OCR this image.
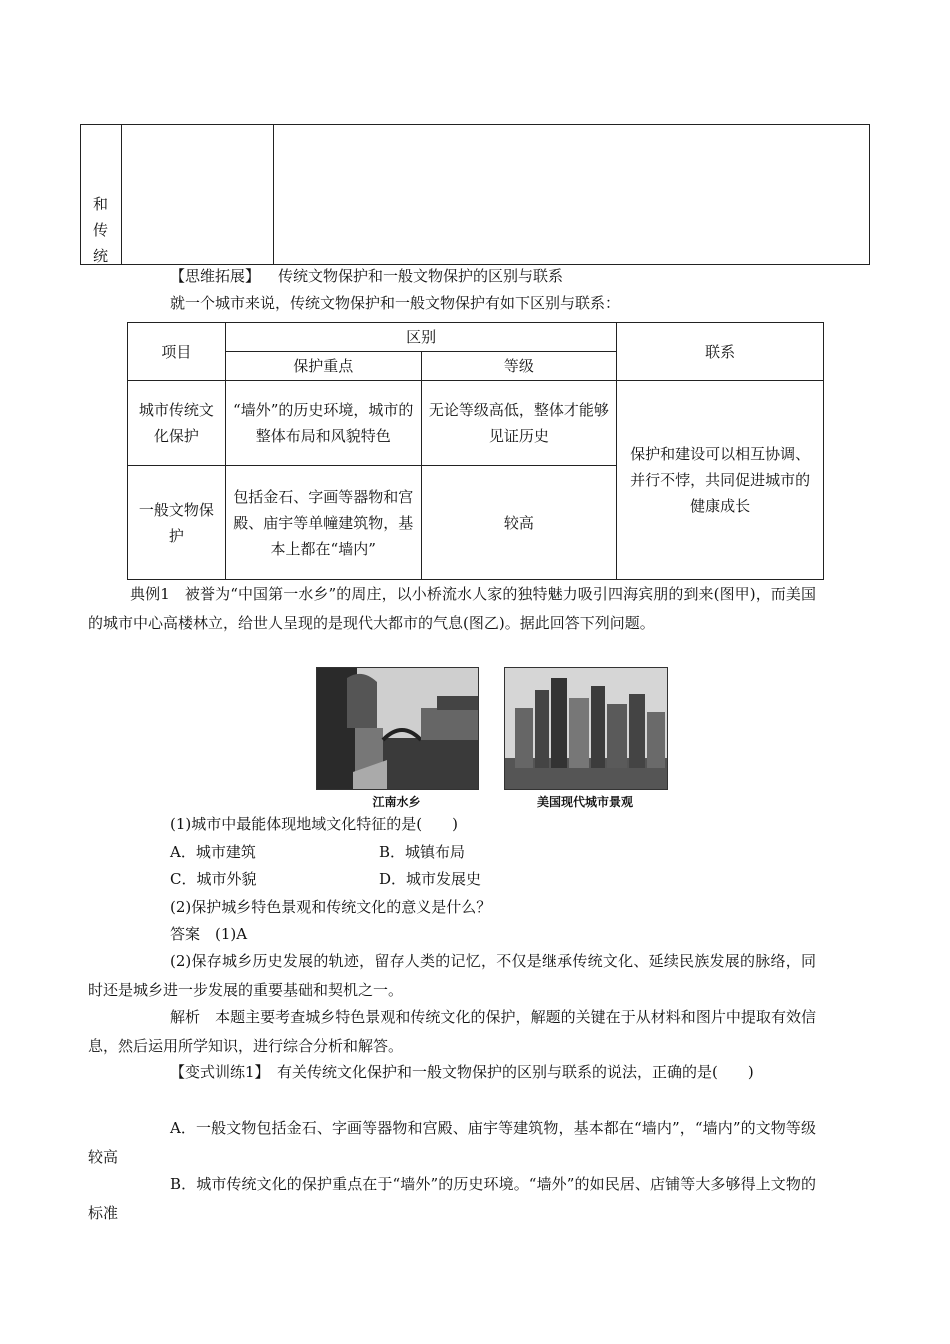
和
传
统
【思维拓展】 传统文物保护和一般文物保护的区别与联系
就一个城市来说，传统文物保护和一般文物保护有如下区别与联系：
项目	区别		联系
	保护重点	等级	
城市传统文化保护	“墙外”的历史环境，城市的整体布局和风貌特色	无论等级高低，整体才能够见证历史	保护和建设可以相互协调、并行不悖，共同促进城市的健康成长
一般文物保护	包括金石、字画等器物和宫殿、庙宇等单幢建筑物，基本上都在“墙内”	较高	
典例1　被誉为“中国第一水乡”的周庄，以小桥流水人家的独特魅力吸引四海宾朋的到来(图甲)，而美国的城市中心高楼林立，给世人呈现的是现代大都市的气息(图乙)。据此回答下列问题。
江南水乡	美国现代城市景观
(1)城市中最能体现地域文化特征的是(　　)
A．城市建筑	B．城镇布局
C．城市外貌	D．城市发展史
(2)保护城乡特色景观和传统文化的意义是什么？
答案　(1)A
(2)保存城乡历史发展的轨迹，留存人类的记忆，不仅是继承传统文化、延续民族发展的脉络，同时还是城乡进一步发展的重要基础和契机之一。
解析　本题主要考查城乡特色景观和传统文化的保护，解题的关键在于从材料和图片中提取有效信息，然后运用所学知识，进行综合分析和解答。
【变式训练1】　有关传统文化保护和一般文物保护的区别与联系的说法，正确的是(　　)
A．一般文物包括金石、字画等器物和宫殿、庙宇等建筑物，基本都在“墙内”，“墙内”的文物等级较高
B．城市传统文化的保护重点在于“墙外”的历史环境。“墙外”的如民居、店铺等大多够得上文物的标准
